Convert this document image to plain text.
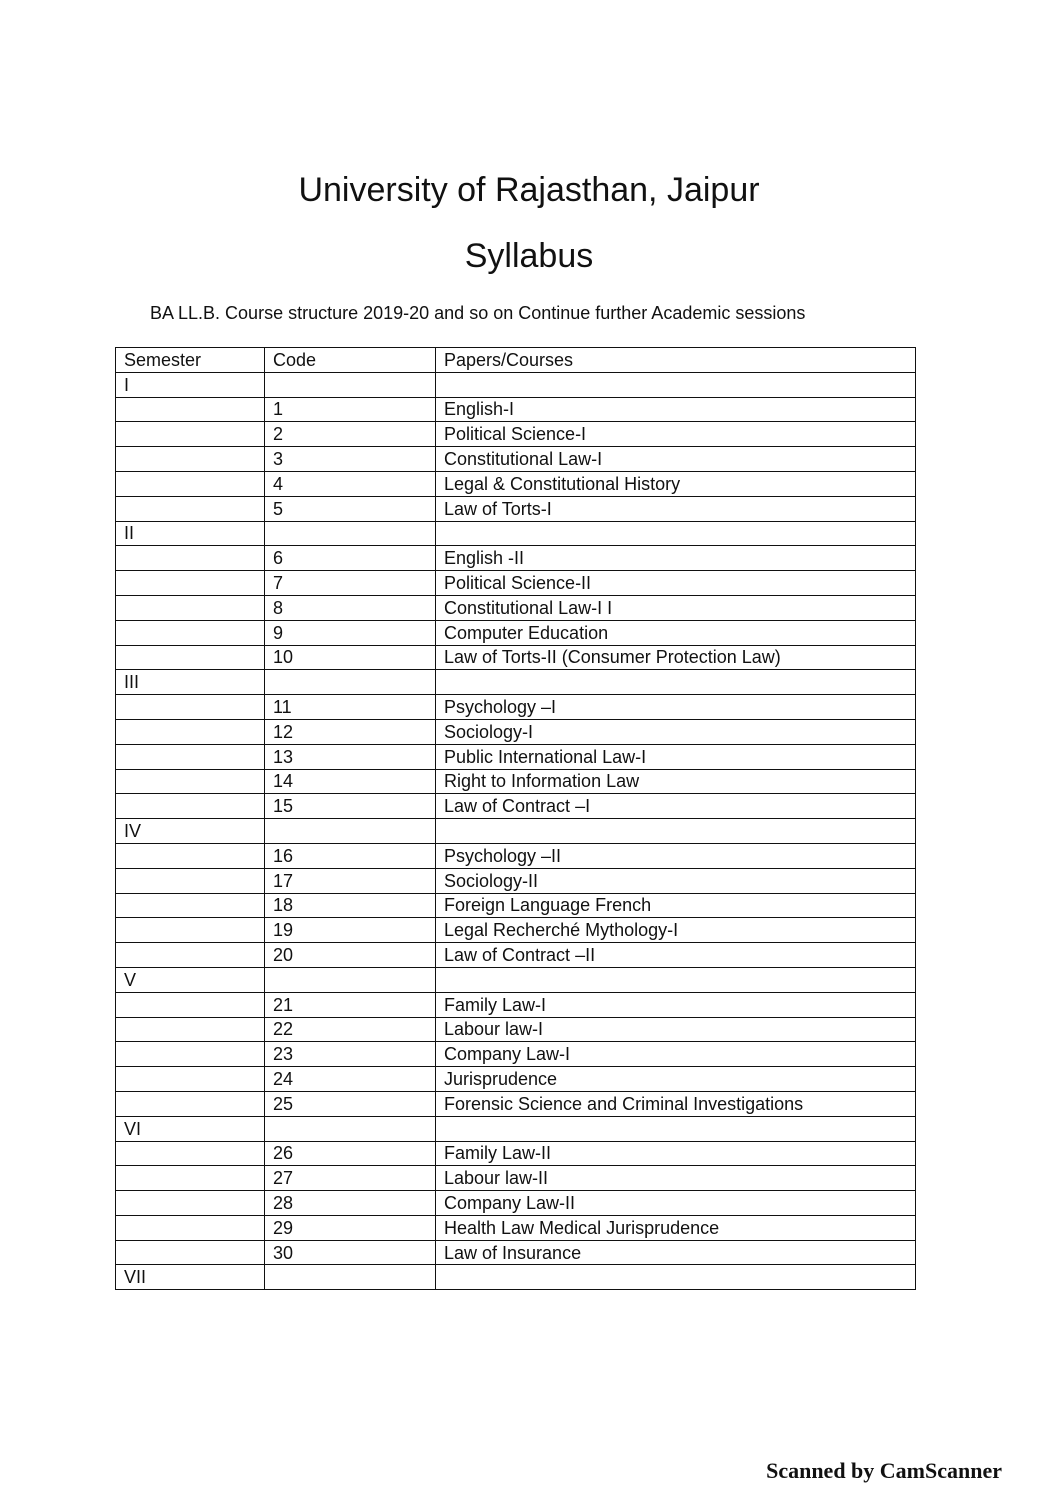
University of Rajasthan, Jaipur
Syllabus
BA LL.B. Course structure 2019-20 and so on Continue further Academic sessions
Semester	Code	Papers/Courses
I		
	1	English-I
	2	Political Science-I
	3	Constitutional Law-I
	4	Legal & Constitutional History
	5	Law of Torts-I
II		
	6	English -II
	7	Political Science-II
	8	Constitutional Law-I I
	9	Computer Education
	10	Law of Torts-II (Consumer Protection Law)
III		
	11	Psychology –I
	12	Sociology-I
	13	Public International Law-I
	14	Right to Information Law
	15	Law of Contract –I
IV		
	16	Psychology –II
	17	Sociology-II
	18	Foreign Language French
	19	Legal Recherché Mythology-I
	20	Law of Contract –II
V		
	21	Family Law-I
	22	Labour law-I
	23	Company Law-I
	24	Jurisprudence
	25	Forensic Science and Criminal Investigations
VI		
	26	Family Law-II
	27	Labour law-II
	28	Company Law-II
	29	Health Law Medical Jurisprudence
	30	Law of Insurance
VII		
Scanned by CamScanner
